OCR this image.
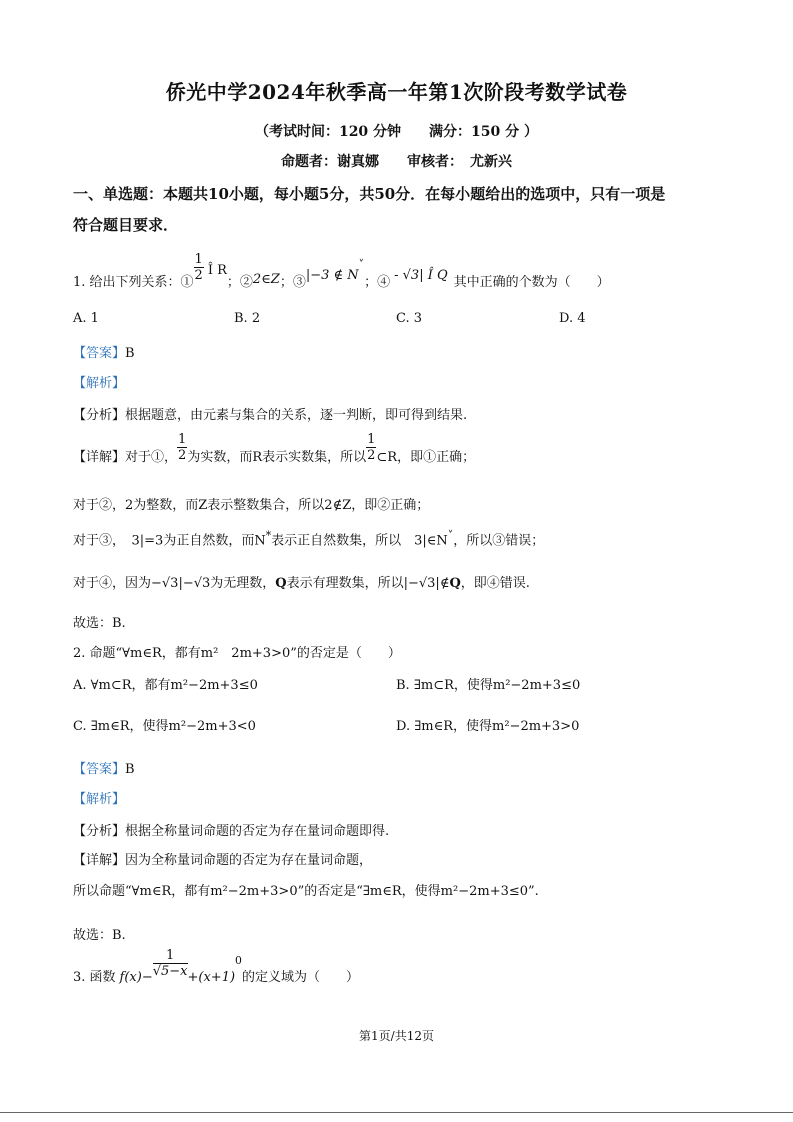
侨光中学2024年秋季高一年第1次阶段考数学试卷
（考试时间：120 分钟　　满分：150 分 ）
命题者：谢真娜　　审核者：　尤新兴
一、单选题：本题共10小题，每小题5分，共50分．在每小题给出的选项中，只有一项是
符合题目要求．
1. 给出下列关系：① $\frac{1}{2}$ Î R；②2∈Z；③|−3 ∉ N˅；④ - √3| Î Q 其中正确的个数为（　　）
A. 1	B. 2	C. 3	D. 4
【答案】B
【解析】
【分析】根据题意，由元素与集合的关系，逐一判断，即可得到结果.
【详解】对于①， $\frac{1}{2}$ 为实数，而R表示实数集，所以 $\frac{1}{2}$ ⊂R，即①正确；
对于②，2为整数，而Z表示整数集合，所以2∉Z，即②正确；
对于③，　3|=3为正自然数，而N*表示正自然数集，所以　3|∈N˅，所以③错误；
对于④，因为−√3|−√3为无理数，Q表示有理数集，所以|−√3|∉Q，即④错误.
故选：B.
2. 命题“∀m∈R，都有m²　2m+3>0”的否定是（　　）
A. ∀m⊂R，都有m²−2m+3≤0	B. ∃m⊂R，使得m²−2m+3≤0
C. ∃m∈R，使得m²−2m+3<0	D. ∃m∈R，使得m²−2m+3>0
【答案】B
【解析】
【分析】根据全称量词命题的否定为存在量词命题即得.
【详解】因为全称量词命题的否定为存在量词命题，
所以命题“∀m∈R，都有m²−2m+3>0”的否定是“∃m∈R，使得m²−2m+3≤0”.
故选：B.
3. 函数 $f(x)- \frac{1}{√5-x} +(x+1)^0$的定义域为（　　）
第1页/共12页
